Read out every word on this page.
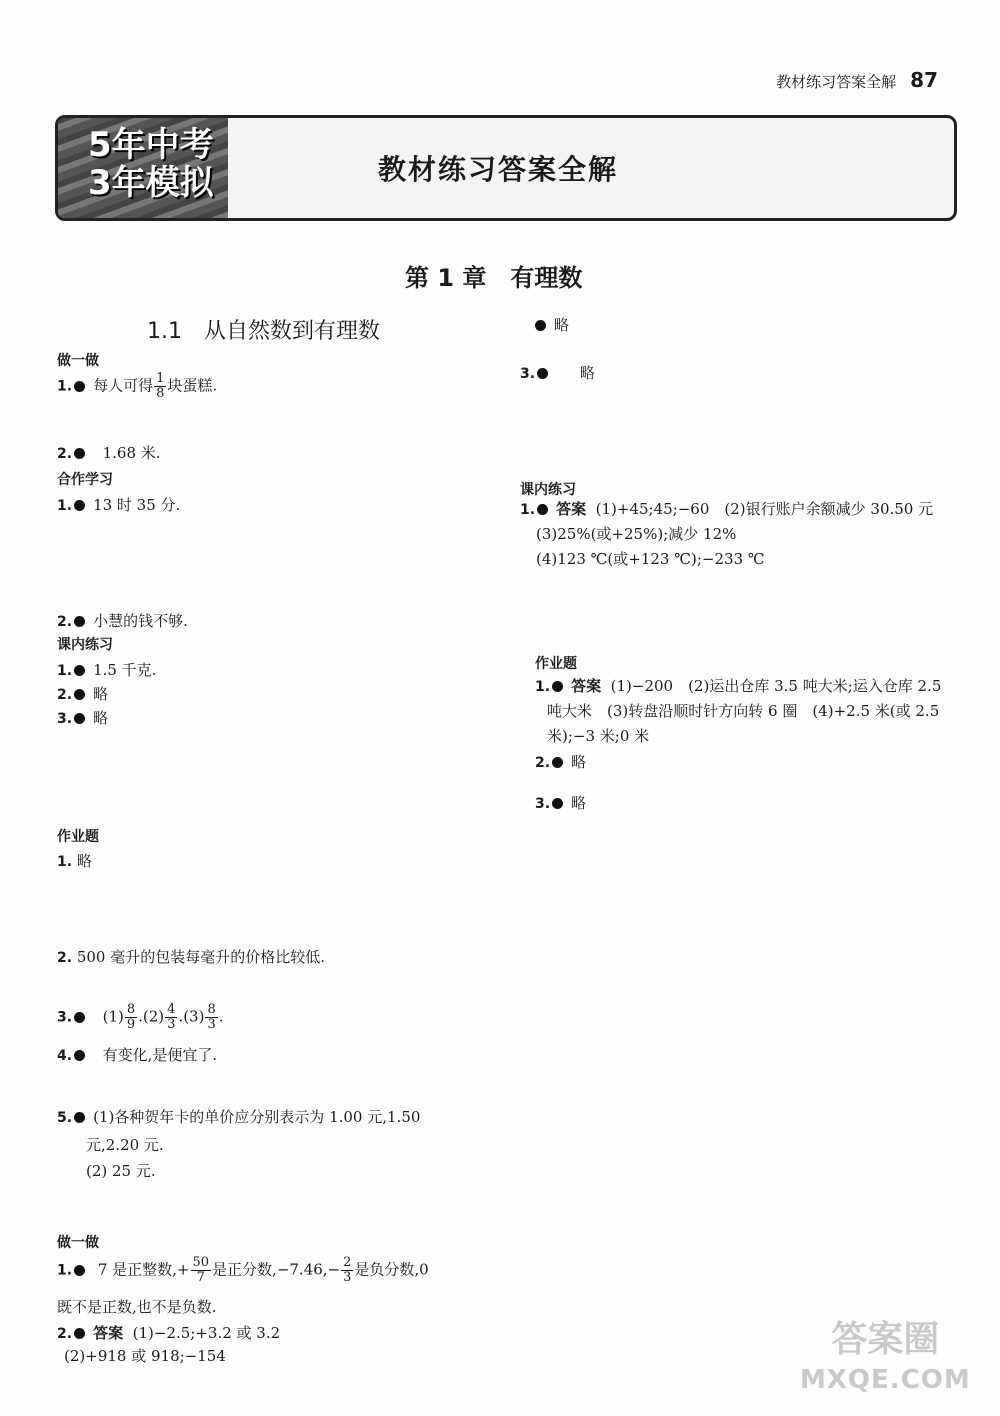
教材练习答案全解 87
5年中考
3年模拟	教材练习答案全解
第 1 章　有理数
1.1　从自然数到有理数
做一做
1. 每人可得 $\frac{1}{8}$ 块蛋糕.
2. 1.68 米.
合作学习
1. 13 时 35 分.
2. 小慧的钱不够.
课内练习
1. 1.5 千克.
2. 略
3. 略
作业题
1. 略
2. 500 毫升的包装每毫升的价格比较低.
3. $(1) \frac{8}{9} .(2) \frac{4}{3} .(3) \frac{8}{3}$ .
4. 有变化,是便宜了.
5. (1)各种贺年卡的单价应分别表示为 1.00 元,1.50
元,2.20 元.
(2) 25 元.
做一做
1. 7 是正整数,+ $\frac{50}{7}$ 是正分数$,-7.46,- \frac{2}{3}$ 是负分数,0
既不是正数,也不是负数.
2. 答案 (1)−2.5;+3.2 或 3.2
(2)+918 或 918;−154
略
3.	略
课内练习
1. 答案 (1)+45;45;−60　(2)银行账户余额减少 30.50 元
(3)25%(或+25%);减少 12%
(4)123 ℃(或+123 ℃);−233 ℃
作业题
1. 答案 (1)−200　(2)运出仓库 3.5 吨大米;运入仓库 2.5
吨大米　(3)转盘沿顺时针方向转 6 圈　(4)+2.5 米(或 2.5
米);−3 米;0 米
2. 略
3. 略
答案圈
MXQE.COM
